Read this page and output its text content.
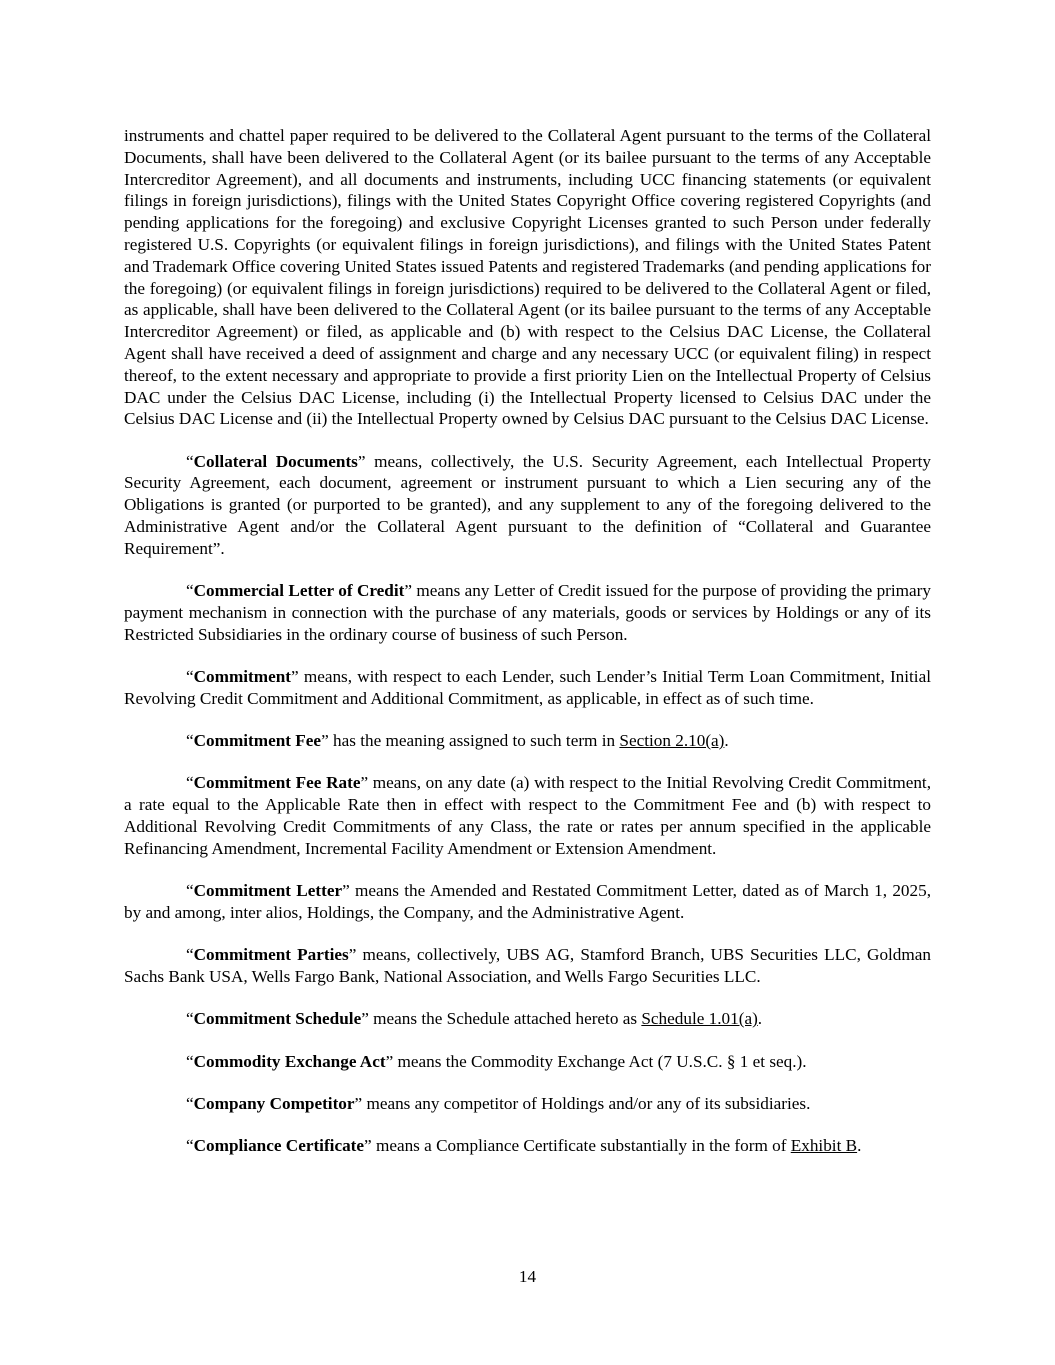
instruments and chattel paper required to be delivered to the Collateral Agent pursuant to the terms of the Collateral Documents, shall have been delivered to the Collateral Agent (or its bailee pursuant to the terms of any Acceptable Intercreditor Agreement), and all documents and instruments, including UCC financing statements (or equivalent filings in foreign jurisdictions), filings with the United States Copyright Office covering registered Copyrights (and pending applications for the foregoing) and exclusive Copyright Licenses granted to such Person under federally registered U.S. Copyrights (or equivalent filings in foreign jurisdictions), and filings with the United States Patent and Trademark Office covering United States issued Patents and registered Trademarks (and pending applications for the foregoing) (or equivalent filings in foreign jurisdictions) required to be delivered to the Collateral Agent or filed, as applicable, shall have been delivered to the Collateral Agent (or its bailee pursuant to the terms of any Acceptable Intercreditor Agreement) or filed, as applicable and (b) with respect to the Celsius DAC License, the Collateral Agent shall have received a deed of assignment and charge and any necessary UCC (or equivalent filing) in respect thereof, to the extent necessary and appropriate to provide a first priority Lien on the Intellectual Property of Celsius DAC under the Celsius DAC License, including (i) the Intellectual Property licensed to Celsius DAC under the Celsius DAC License and (ii) the Intellectual Property owned by Celsius DAC pursuant to the Celsius DAC License.

“Collateral Documents” means, collectively, the U.S. Security Agreement, each Intellectual Property Security Agreement, each document, agreement or instrument pursuant to which a Lien securing any of the Obligations is granted (or purported to be granted), and any supplement to any of the foregoing delivered to the Administrative Agent and/or the Collateral Agent pursuant to the definition of “Collateral and Guarantee Requirement”.

“Commercial Letter of Credit” means any Letter of Credit issued for the purpose of providing the primary payment mechanism in connection with the purchase of any materials, goods or services by Holdings or any of its Restricted Subsidiaries in the ordinary course of business of such Person.

“Commitment” means, with respect to each Lender, such Lender’s Initial Term Loan Commitment, Initial Revolving Credit Commitment and Additional Commitment, as applicable, in effect as of such time.

“Commitment Fee” has the meaning assigned to such term in Section 2.10(a).

“Commitment Fee Rate” means, on any date (a) with respect to the Initial Revolving Credit Commitment, a rate equal to the Applicable Rate then in effect with respect to the Commitment Fee and (b) with respect to Additional Revolving Credit Commitments of any Class, the rate or rates per annum specified in the applicable Refinancing Amendment, Incremental Facility Amendment or Extension Amendment.

“Commitment Letter” means the Amended and Restated Commitment Letter, dated as of March 1, 2025, by and among, inter alios, Holdings, the Company, and the Administrative Agent.

“Commitment Parties” means, collectively, UBS AG, Stamford Branch, UBS Securities LLC, Goldman Sachs Bank USA, Wells Fargo Bank, National Association, and Wells Fargo Securities LLC.

“Commitment Schedule” means the Schedule attached hereto as Schedule 1.01(a).

“Commodity Exchange Act” means the Commodity Exchange Act (7 U.S.C. § 1 et seq.).

“Company Competitor” means any competitor of Holdings and/or any of its subsidiaries.

“Compliance Certificate” means a Compliance Certificate substantially in the form of Exhibit B.

14
